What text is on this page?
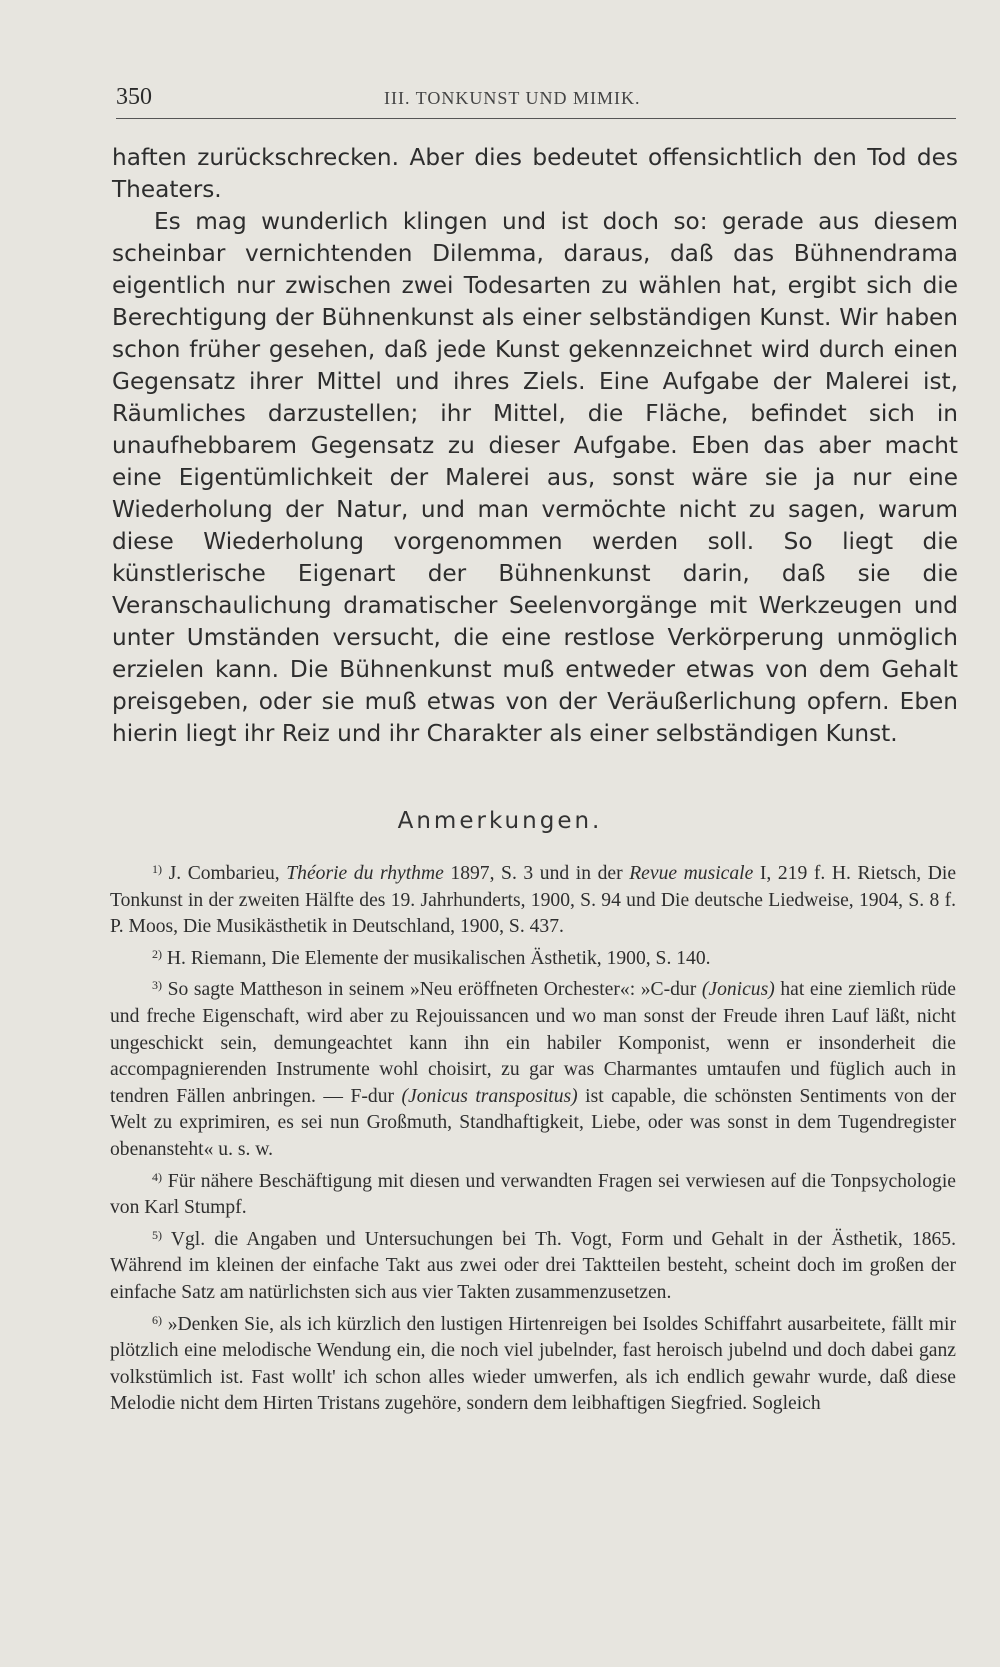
350	III. TONKUNST UND MIMIK.

haften zurückschrecken. Aber dies bedeutet offensichtlich den Tod des Theaters.

Es mag wunderlich klingen und ist doch so: gerade aus diesem scheinbar vernichtenden Dilemma, daraus, daß das Bühnendrama eigentlich nur zwischen zwei Todesarten zu wählen hat, ergibt sich die Berechtigung der Bühnenkunst als einer selbständigen Kunst. Wir haben schon früher gesehen, daß jede Kunst gekennzeichnet wird durch einen Gegensatz ihrer Mittel und ihres Ziels. Eine Aufgabe der Malerei ist, Räumliches darzustellen; ihr Mittel, die Fläche, befindet sich in unaufhebbarem Gegensatz zu dieser Aufgabe. Eben das aber macht eine Eigentümlichkeit der Malerei aus, sonst wäre sie ja nur eine Wiederholung der Natur, und man vermöchte nicht zu sagen, warum diese Wiederholung vorgenommen werden soll. So liegt die künstlerische Eigenart der Bühnenkunst darin, daß sie die Veranschaulichung dramatischer Seelenvorgänge mit Werkzeugen und unter Umständen versucht, die eine restlose Verkörperung unmöglich erzielen kann. Die Bühnenkunst muß entweder etwas von dem Gehalt preisgeben, oder sie muß etwas von der Veräußerlichung opfern. Eben hierin liegt ihr Reiz und ihr Charakter als einer selbständigen Kunst.

Anmerkungen.

$^{1)}$ J. Combarieu, Théorie du rhythme 1897, S. 3 und in der Revue musicale I, 219 f. H. Rietsch, Die Tonkunst in der zweiten Hälfte des 19. Jahrhunderts, 1900, S. 94 und Die deutsche Liedweise, 1904, S. 8 f. P. Moos, Die Musikästhetik in Deutschland, 1900, S. 437.

$^{2)}$ H. Riemann, Die Elemente der musikalischen Ästhetik, 1900, S. 140.

$^{3)}$ So sagte Mattheson in seinem »Neu eröffneten Orchester«: »C-dur (Jonicus) hat eine ziemlich rüde und freche Eigenschaft, wird aber zu Rejouissancen und wo man sonst der Freude ihren Lauf läßt, nicht ungeschickt sein, demungeachtet kann ihn ein habiler Komponist, wenn er insonderheit die accompagnierenden Instrumente wohl choisirt, zu gar was Charmantes umtaufen und füglich auch in tendren Fällen anbringen. — F-dur (Jonicus transpositus) ist capable, die schönsten Sentiments von der Welt zu exprimiren, es sei nun Großmuth, Standhaftigkeit, Liebe, oder was sonst in dem Tugendregister obenansteht« u. s. w.

$^{4)}$ Für nähere Beschäftigung mit diesen und verwandten Fragen sei verwiesen auf die Tonpsychologie von Karl Stumpf.

$^{5)}$ Vgl. die Angaben und Untersuchungen bei Th. Vogt, Form und Gehalt in der Ästhetik, 1865. Während im kleinen der einfache Takt aus zwei oder drei Taktteilen besteht, scheint doch im großen der einfache Satz am natürlichsten sich aus vier Takten zusammenzusetzen.

$^{6)}$ »Denken Sie, als ich kürzlich den lustigen Hirtenreigen bei Isoldes Schiffahrt ausarbeitete, fällt mir plötzlich eine melodische Wendung ein, die noch viel jubelnder, fast heroisch jubelnd und doch dabei ganz volkstümlich ist. Fast wollt' ich schon alles wieder umwerfen, als ich endlich gewahr wurde, daß diese Melodie nicht dem Hirten Tristans zugehöre, sondern dem leibhaftigen Siegfried. Sogleich
